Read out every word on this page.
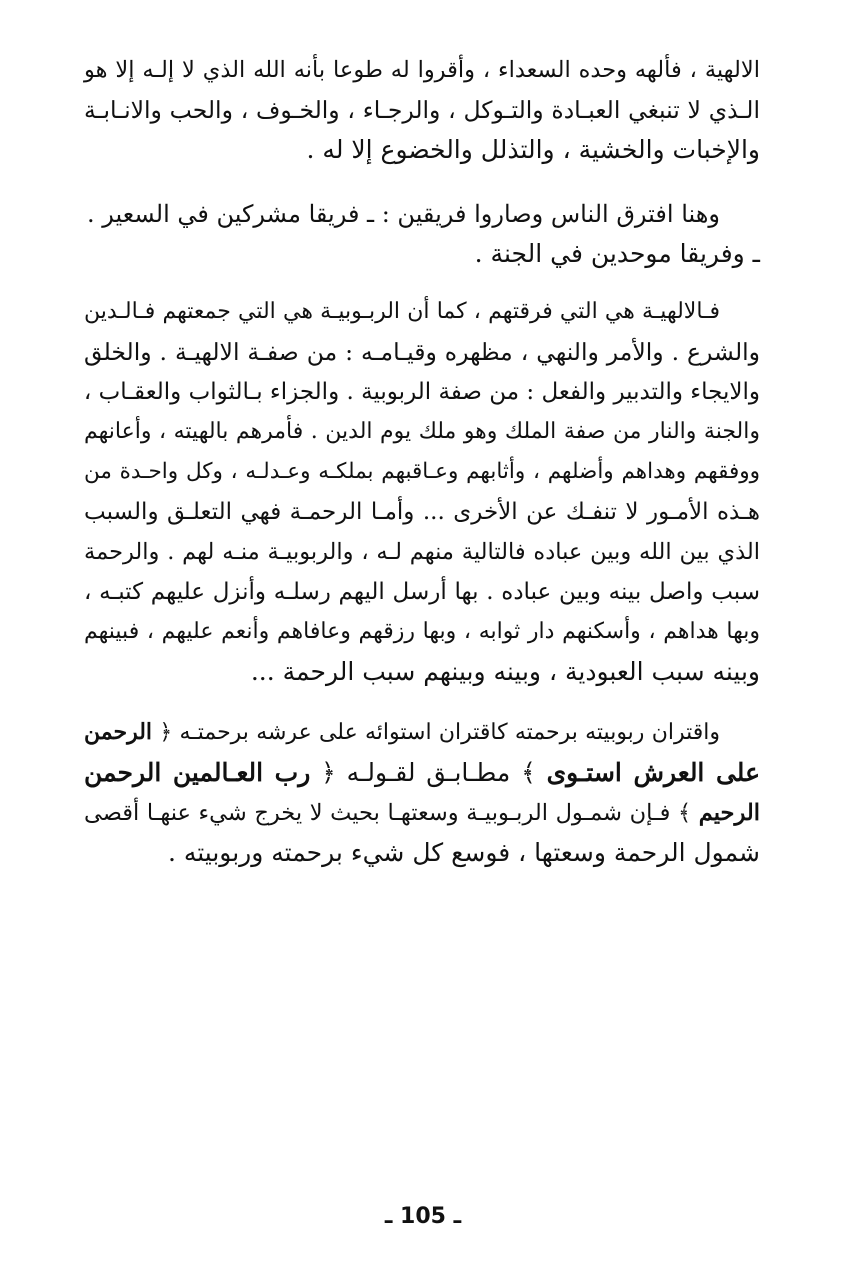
الالهية ، فألهه وحده السعداء ، وأقروا له طوعا بأنه الله الذي لا إلـه إلا هو
الـذي لا تنبغي العبـادة والتـوكل ، والرجـاء ، والخـوف ، والحب والانـابـة
والإخبات والخشية ، والتذلل والخضوع إلا له .
وهنا افترق الناس وصاروا فريقين : ـ فريقا مشركين في السعير .
ـ وفريقا موحدين في الجنة .
فـالالهيـة هي التي فرقتهم ، كما أن الربـوبيـة هي التي جمعتهم فـالـدين
والشرع . والأمر والنهي ، مظهره وقيـامـه : من صفـة الالهيـة . والخلق
والايجاء والتدبير والفعل : من صفة الربوبية . والجزاء بـالثواب والعقـاب ،
والجنة والنار من صفة الملك وهو ملك يوم الدين . فأمرهم بالهيته ، وأعانهم
ووفقهم وهداهم وأضلهم ، وأثابهم وعـاقبهم بملكـه وعـدلـه ، وكل واحـدة من
هـذه الأمـور لا تنفـك عن الأخرى ... وأمـا الرحمـة فهي التعلـق والسبب
الذي بين الله وبين عباده فالتالية منهم لـه ، والربوبيـة منـه لهم . والرحمة
سبب واصل بينه وبين عباده . بها أرسل اليهم رسلـه وأنزل عليهم كتبـه ،
وبها هداهم ، وأسكنهم دار ثوابه ، وبها رزقهم وعافاهم وأنعم عليهم ، فبينهم
وبينه سبب العبودية ، وبينه وبينهم سبب الرحمة ...
واقتران ربوبيته برحمته كاقتران استوائه على عرشه برحمتـه ﴿ الرحمن
على العرش استـوى ﴾ مطـابـق لقـولـه ﴿ رب العـالمين الرحمن
الرحيم ﴾ فـإن شمـول الربـوبيـة وسعتهـا بحيث لا يخرج شيء عنهـا أقصى
شمول الرحمة وسعتها ، فوسع كل شيء برحمته وربوبيته .
ـ 105 ـ
